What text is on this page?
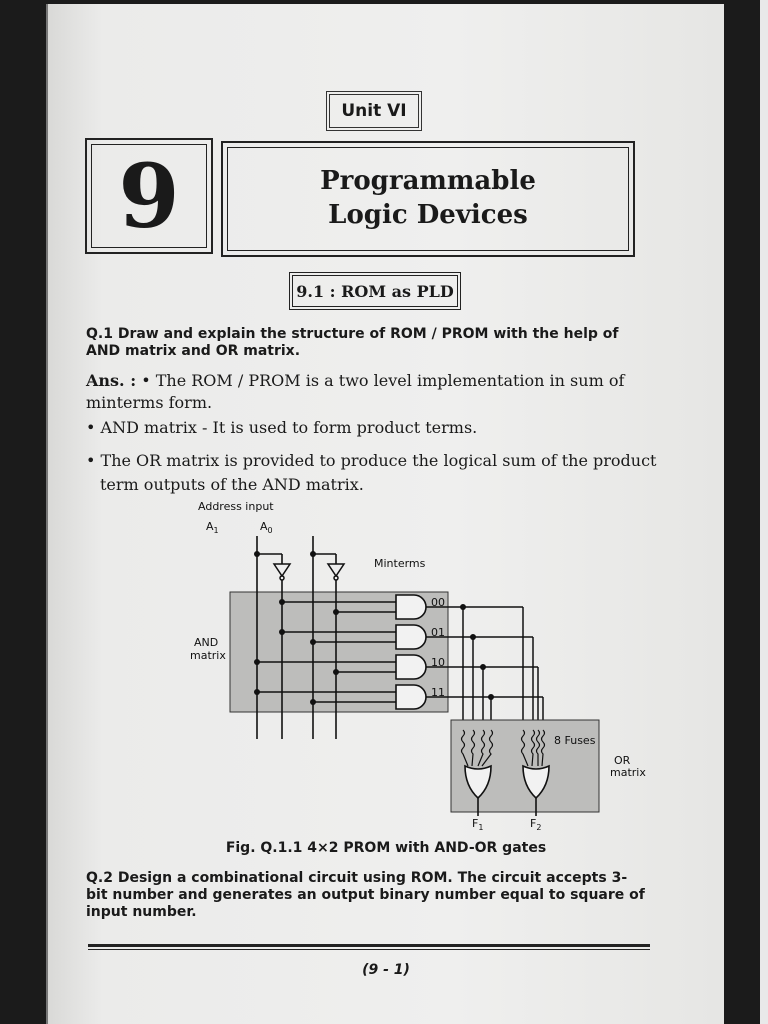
Unit VI
9	Programmable
Logic Devices
9.1 : ROM as PLD
Q.1 Draw and explain the structure of ROM / PROM with the help of AND matrix and OR matrix.
Ans. : • The ROM / PROM is a two level implementation in sum of minterms form.
• AND matrix - It is used to form product terms.
• The OR matrix is provided to produce the logical sum of the product term outputs of the AND matrix.
Address input
$A_1$	$A_0$
Minterms
AND
matrix
00
01
10
11
8 Fuses
OR
matrix
$F_1$	$F_2$
Fig. Q.1.1 4×2 PROM with AND-OR gates
Q.2 Design a combinational circuit using ROM. The circuit accepts 3-bit number and generates an output binary number equal to square of input number.
(9 - 1)
